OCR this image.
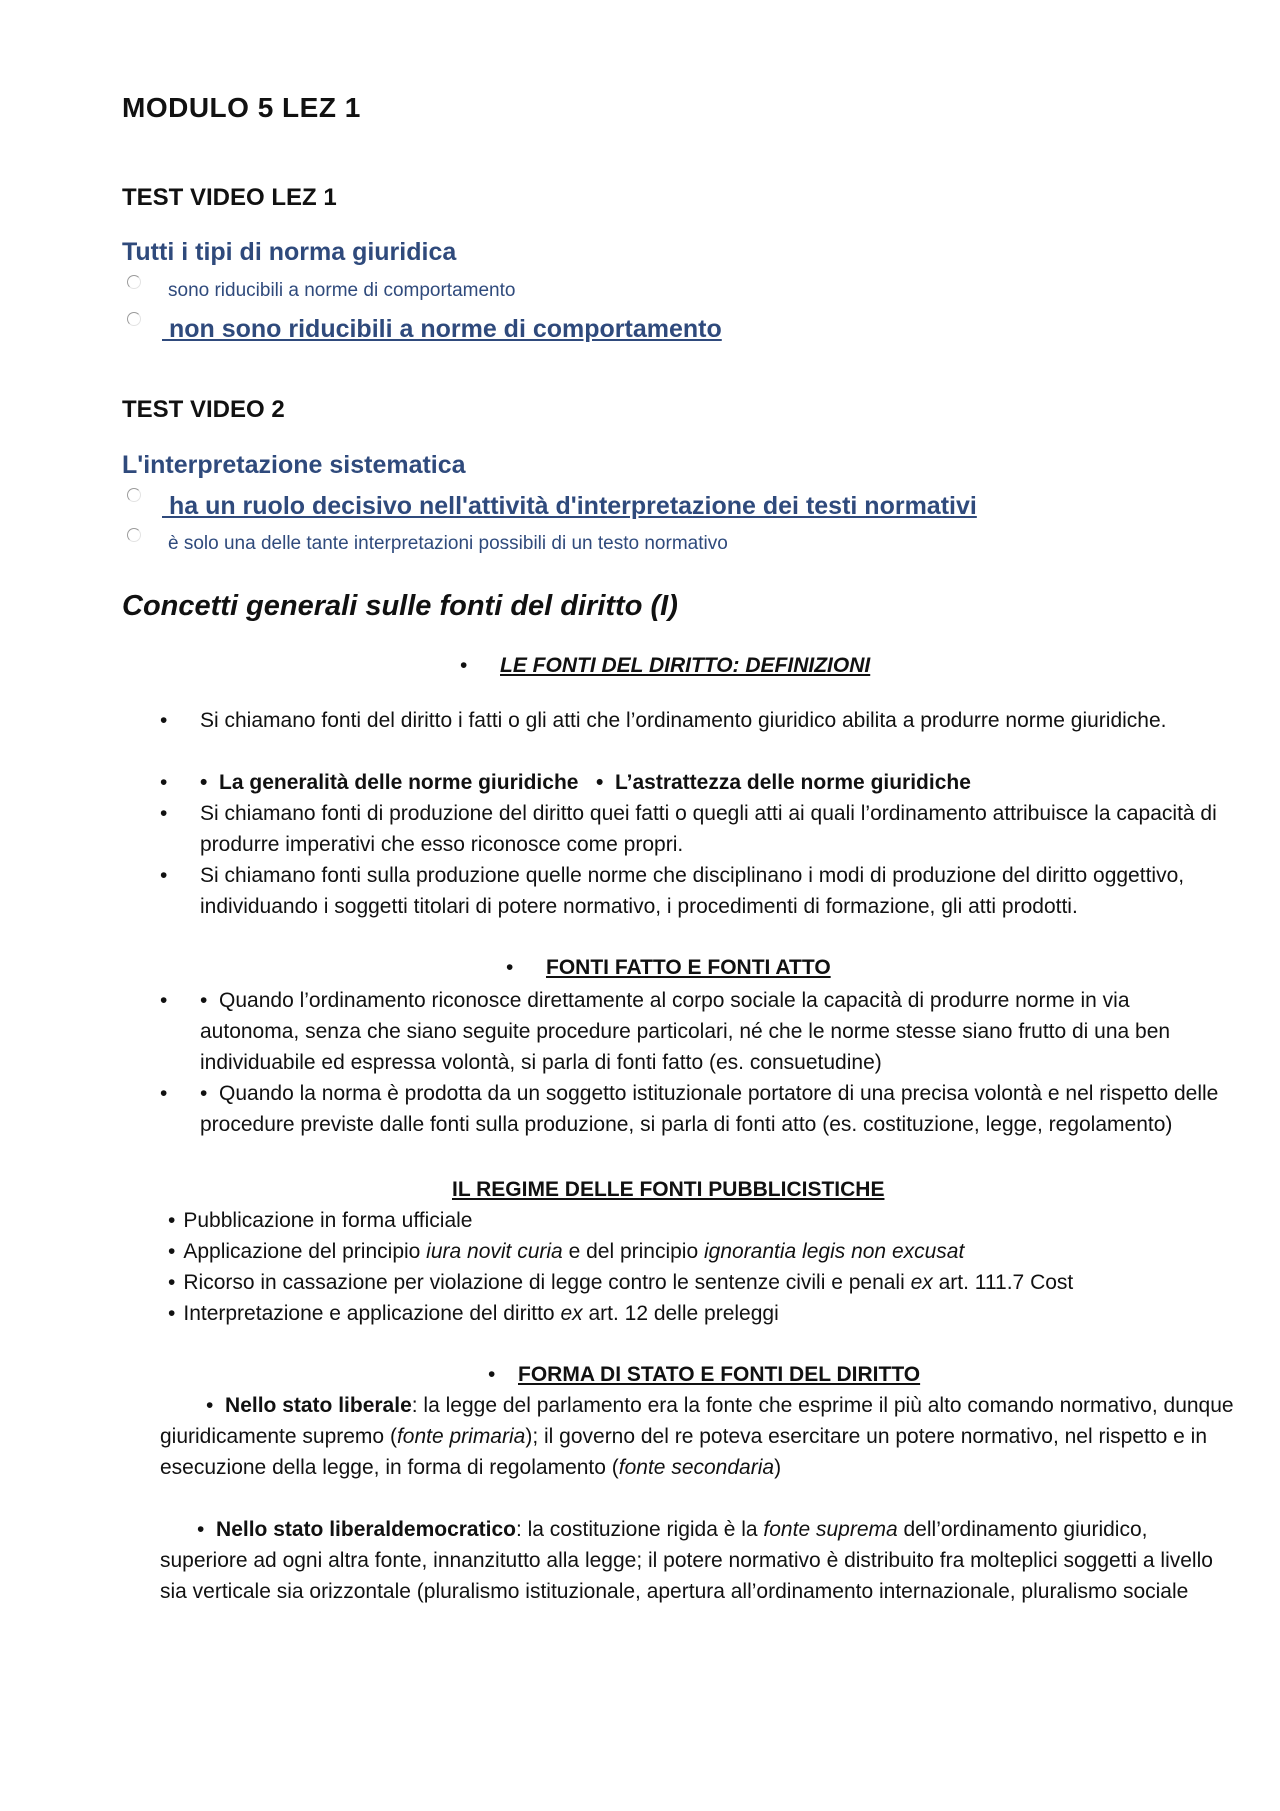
MODULO 5 LEZ 1
TEST VIDEO LEZ 1
Tutti i tipi di norma giuridica
sono riducibili a norme di comportamento
non sono riducibili a norme di comportamento
TEST VIDEO 2
L'interpretazione sistematica
ha un ruolo decisivo nell'attività d'interpretazione dei testi normativi
è solo una delle tante interpretazioni possibili di un testo normativo
Concetti generali sulle fonti del diritto (I)
• LE FONTI DEL DIRITTO: DEFINIZIONI
• Si chiamano fonti del diritto i fatti o gli atti che l’ordinamento giuridico abilita a produrre norme giuridiche.
• •  La generalità delle norme giuridiche   •  L’astrattezza delle norme giuridiche
• Si chiamano fonti di produzione del diritto quei fatti o quegli atti ai quali l’ordinamento attribuisce la capacità di produrre imperativi che esso riconosce come propri.
• Si chiamano fonti sulla produzione quelle norme che disciplinano i modi di produzione del diritto oggettivo, individuando i soggetti titolari di potere normativo, i procedimenti di formazione, gli atti prodotti.
• FONTI FATTO E FONTI ATTO
• •  Quando l’ordinamento riconosce direttamente al corpo sociale la capacità di produrre norme in via autonoma, senza che siano seguite procedure particolari, né che le norme stesse siano frutto di una ben individuabile ed espressa volontà, si parla di fonti fatto (es. consuetudine)
• •  Quando la norma è prodotta da un soggetto istituzionale portatore di una precisa volontà e nel rispetto delle procedure previste dalle fonti sulla produzione, si parla di fonti atto (es. costituzione, legge, regolamento)
IL REGIME DELLE FONTI PUBBLICISTICHE
• Pubblicazione in forma ufficiale
• Applicazione del principio iura novit curia e del principio ignorantia legis non excusat
• Ricorso in cassazione per violazione di legge contro le sentenze civili e penali ex art. 111.7 Cost
• Interpretazione e applicazione del diritto ex art. 12 delle preleggi
• FORMA DI STATO E FONTI DEL DIRITTO

•  Nello stato liberale: la legge del parlamento era la fonte che esprime il più alto comando normativo, dunque giuridicamente supremo (fonte primaria); il governo del re poteva esercitare un potere normativo, nel rispetto e in esecuzione della legge, in forma di regolamento (fonte secondaria)

•  Nello stato liberaldemocratico: la costituzione rigida è la fonte suprema dell’ordinamento giuridico, superiore ad ogni altra fonte, innanzitutto alla legge; il potere normativo è distribuito fra molteplici soggetti a livello sia verticale sia orizzontale (pluralismo istituzionale, apertura all’ordinamento internazionale, pluralismo sociale
